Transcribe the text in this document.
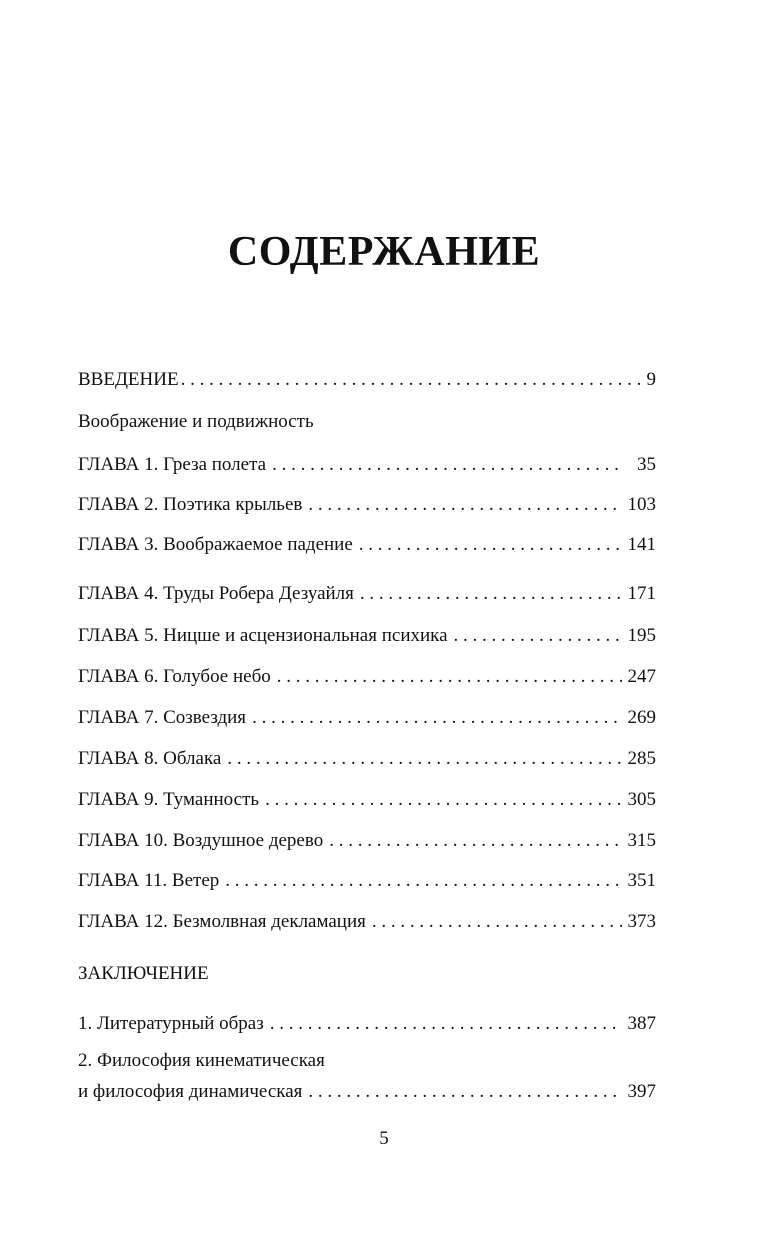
СОДЕРЖАНИЕ
ВВЕДЕНИЕ . . .	9
Воображение и подвижность
ГЛАВА 1. Греза полета . . .	35
ГЛАВА 2. Поэтика крыльев . . .	103
ГЛАВА 3. Воображаемое падение . . .	141
ГЛАВА 4. Труды Робера Дезуайля . . .	171
ГЛАВА 5. Ницше и асцензиональная психика . . .	195
ГЛАВА 6. Голубое небо . . .	247
ГЛАВА 7. Созвездия . . .	269
ГЛАВА 8. Облака . . .	285
ГЛАВА 9. Туманность . . .	305
ГЛАВА 10. Воздушное дерево . . .	315
ГЛАВА 11. Ветер . . .	351
ГЛАВА 12. Безмолвная декламация . . .	373
ЗАКЛЮЧЕНИЕ
1. Литературный образ . . .	387
2. Философия кинематическая
и философия динамическая . . .	397
5
